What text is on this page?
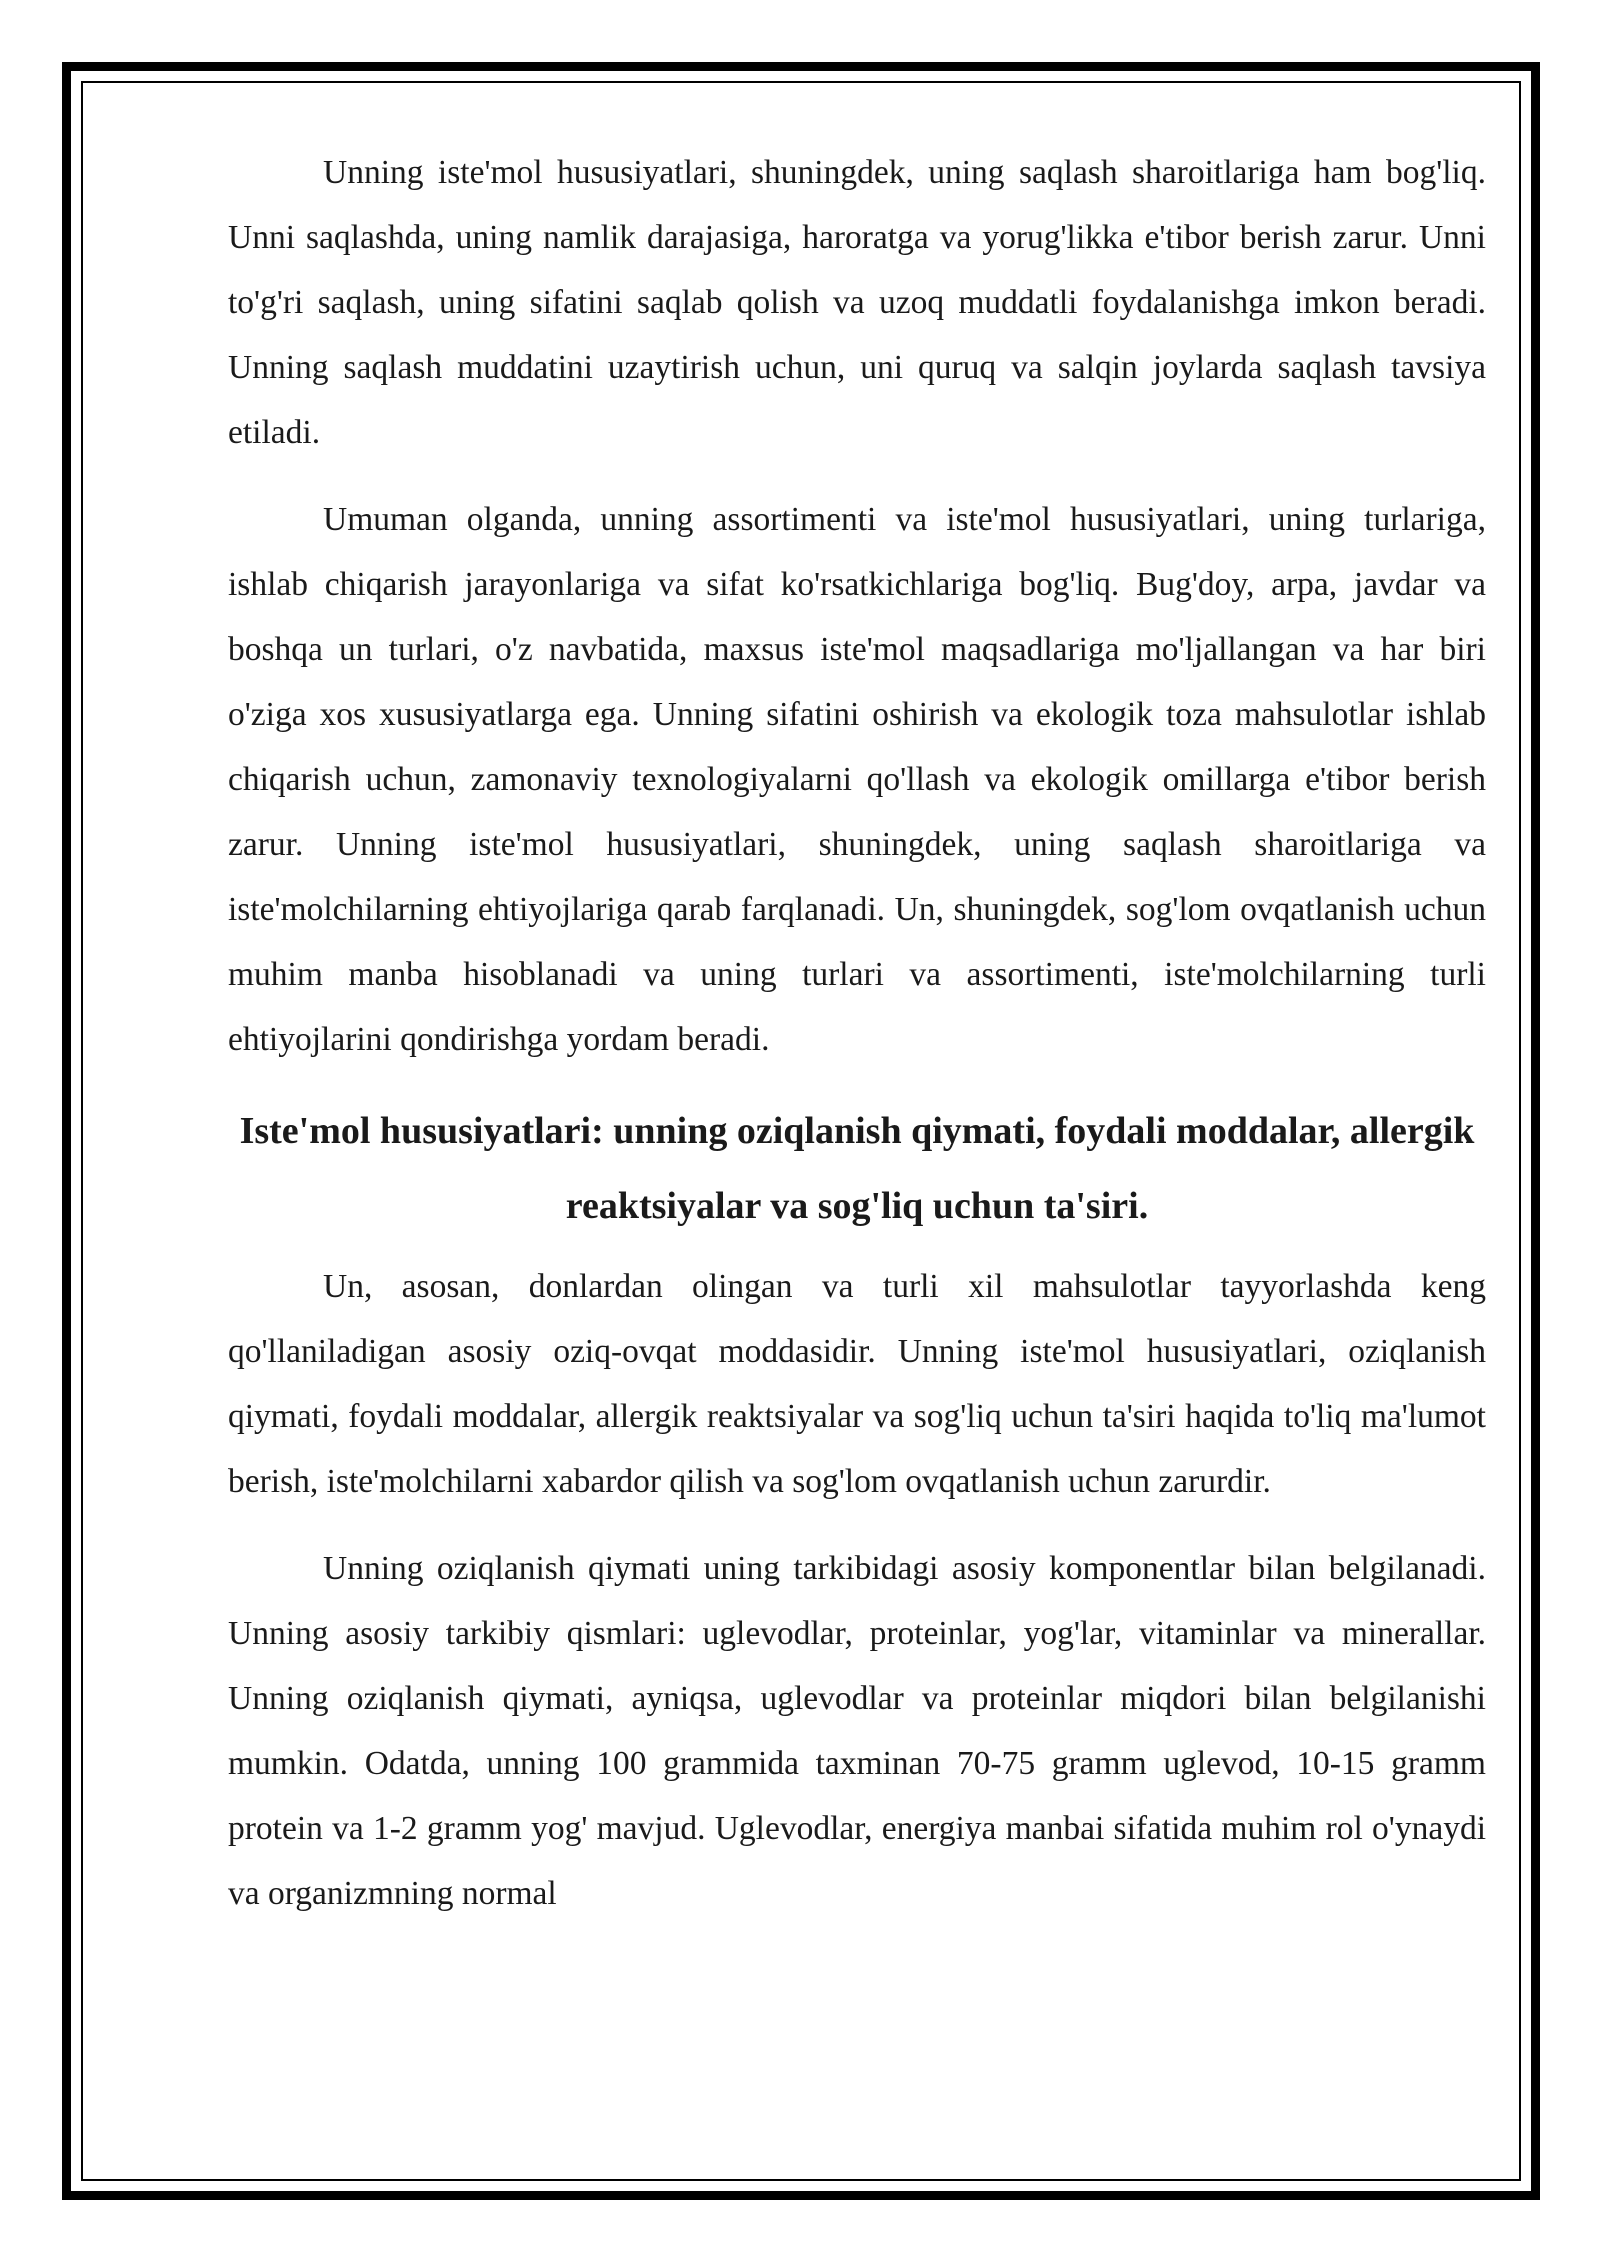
Unning iste'mol hususiyatlari, shuningdek, uning saqlash sharoitlariga ham bog'liq. Unni saqlashda, uning namlik darajasiga, haroratga va yorug'likka e'tibor berish zarur. Unni to'g'ri saqlash, uning sifatini saqlab qolish va uzoq muddatli foydalanishga imkon beradi. Unning saqlash muddatini uzaytirish uchun, uni quruq va salqin joylarda saqlash tavsiya etiladi.

Umuman olganda, unning assortimenti va iste'mol hususiyatlari, uning turlariga, ishlab chiqarish jarayonlariga va sifat ko'rsatkichlariga bog'liq. Bug'doy, arpa, javdar va boshqa un turlari, o'z navbatida, maxsus iste'mol maqsadlariga mo'ljallangan va har biri o'ziga xos xususiyatlarga ega. Unning sifatini oshirish va ekologik toza mahsulotlar ishlab chiqarish uchun, zamonaviy texnologiyalarni qo'llash va ekologik omillarga e'tibor berish zarur. Unning iste'mol hususiyatlari, shuningdek, uning saqlash sharoitlariga va iste'molchilarning ehtiyojlariga qarab farqlanadi. Un, shuningdek, sog'lom ovqatlanish uchun muhim manba hisoblanadi va uning turlari va assortimenti, iste'molchilarning turli ehtiyojlarini qondirishga yordam beradi.

Iste'mol hususiyatlari: unning oziqlanish qiymati, foydali moddalar, allergik reaktsiyalar va sog'liq uchun ta'siri.

Un, asosan, donlardan olingan va turli xil mahsulotlar tayyorlashda keng qo'llaniladigan asosiy oziq-ovqat moddasidir. Unning iste'mol hususiyatlari, oziqlanish qiymati, foydali moddalar, allergik reaktsiyalar va sog'liq uchun ta'siri haqida to'liq ma'lumot berish, iste'molchilarni xabardor qilish va sog'lom ovqatlanish uchun zarurdir.

Unning oziqlanish qiymati uning tarkibidagi asosiy komponentlar bilan belgilanadi. Unning asosiy tarkibiy qismlari: uglevodlar, proteinlar, yog'lar, vitaminlar va minerallar. Unning oziqlanish qiymati, ayniqsa, uglevodlar va proteinlar miqdori bilan belgilanishi mumkin. Odatda, unning 100 grammida taxminan 70-75 gramm uglevod, 10-15 gramm protein va 1-2 gramm yog' mavjud. Uglevodlar, energiya manbai sifatida muhim rol o'ynaydi va organizmning normal
